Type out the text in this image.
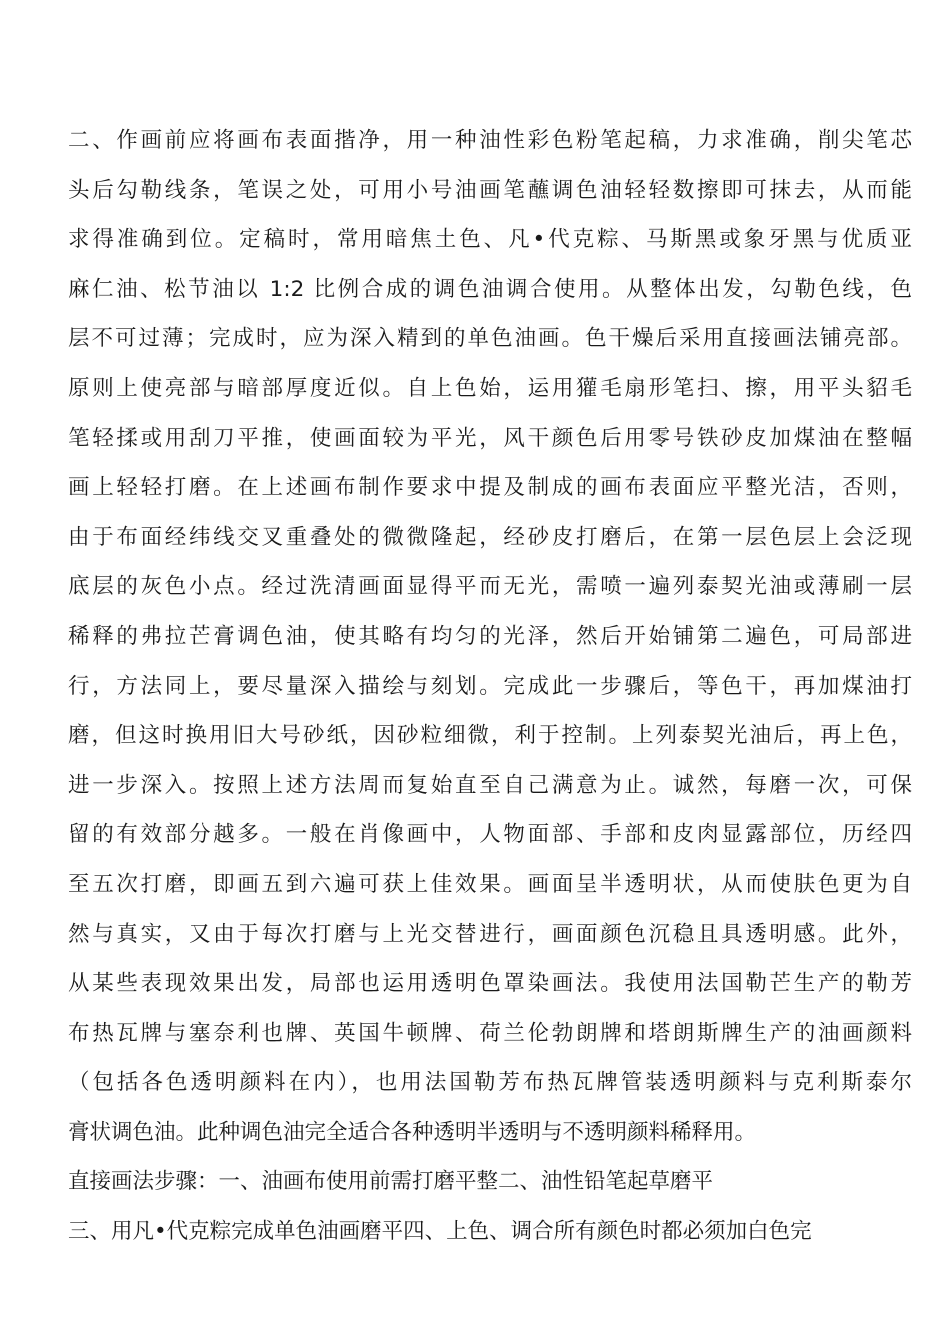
二、作画前应将画布表面揩净，用一种油性彩色粉笔起稿，力求准确，削尖笔芯
头后勾勒线条，笔误之处，可用小号油画笔蘸调色油轻轻数擦即可抹去，从而能
求得准确到位。定稿时，常用暗焦土色、凡•代克粽、马斯黑或象牙黑与优质亚
麻仁油、松节油以 1:2 比例合成的调色油调合使用。从整体出发，勾勒色线，色
层不可过薄；完成时，应为深入精到的单色油画。色干燥后采用直接画法铺亮部。
原则上使亮部与暗部厚度近似。自上色始，运用獾毛扇形笔扫、擦，用平头貂毛
笔轻揉或用刮刀平推，使画面较为平光，风干颜色后用零号铁砂皮加煤油在整幅
画上轻轻打磨。在上述画布制作要求中提及制成的画布表面应平整光洁，否则，
由于布面经纬线交叉重叠处的微微隆起，经砂皮打磨后，在第一层色层上会泛现
底层的灰色小点。经过洗清画面显得平而无光，需喷一遍列泰契光油或薄刷一层
稀释的弗拉芒膏调色油，使其略有均匀的光泽，然后开始铺第二遍色，可局部进
行，方法同上，要尽量深入描绘与刻划。完成此一步骤后，等色干，再加煤油打
磨，但这时换用旧大号砂纸，因砂粒细微，利于控制。上列泰契光油后，再上色，
进一步深入。按照上述方法周而复始直至自己满意为止。诚然，每磨一次，可保
留的有效部分越多。一般在肖像画中，人物面部、手部和皮肉显露部位，历经四
至五次打磨，即画五到六遍可获上佳效果。画面呈半透明状，从而使肤色更为自
然与真实，又由于每次打磨与上光交替进行，画面颜色沉稳且具透明感。此外，
从某些表现效果出发，局部也运用透明色罩染画法。我使用法国勒芒生产的勒芳
布热瓦牌与塞奈利也牌、英国牛顿牌、荷兰伦勃朗牌和塔朗斯牌生产的油画颜料
（包括各色透明颜料在内），也用法国勒芳布热瓦牌管装透明颜料与克利斯泰尔
膏状调色油。此种调色油完全适合各种透明半透明与不透明颜料稀释用。
直接画法步骤：一、油画布使用前需打磨平整二、油性铅笔起草磨平
三、用凡•代克粽完成单色油画磨平四、上色、调合所有颜色时都必须加白色完
